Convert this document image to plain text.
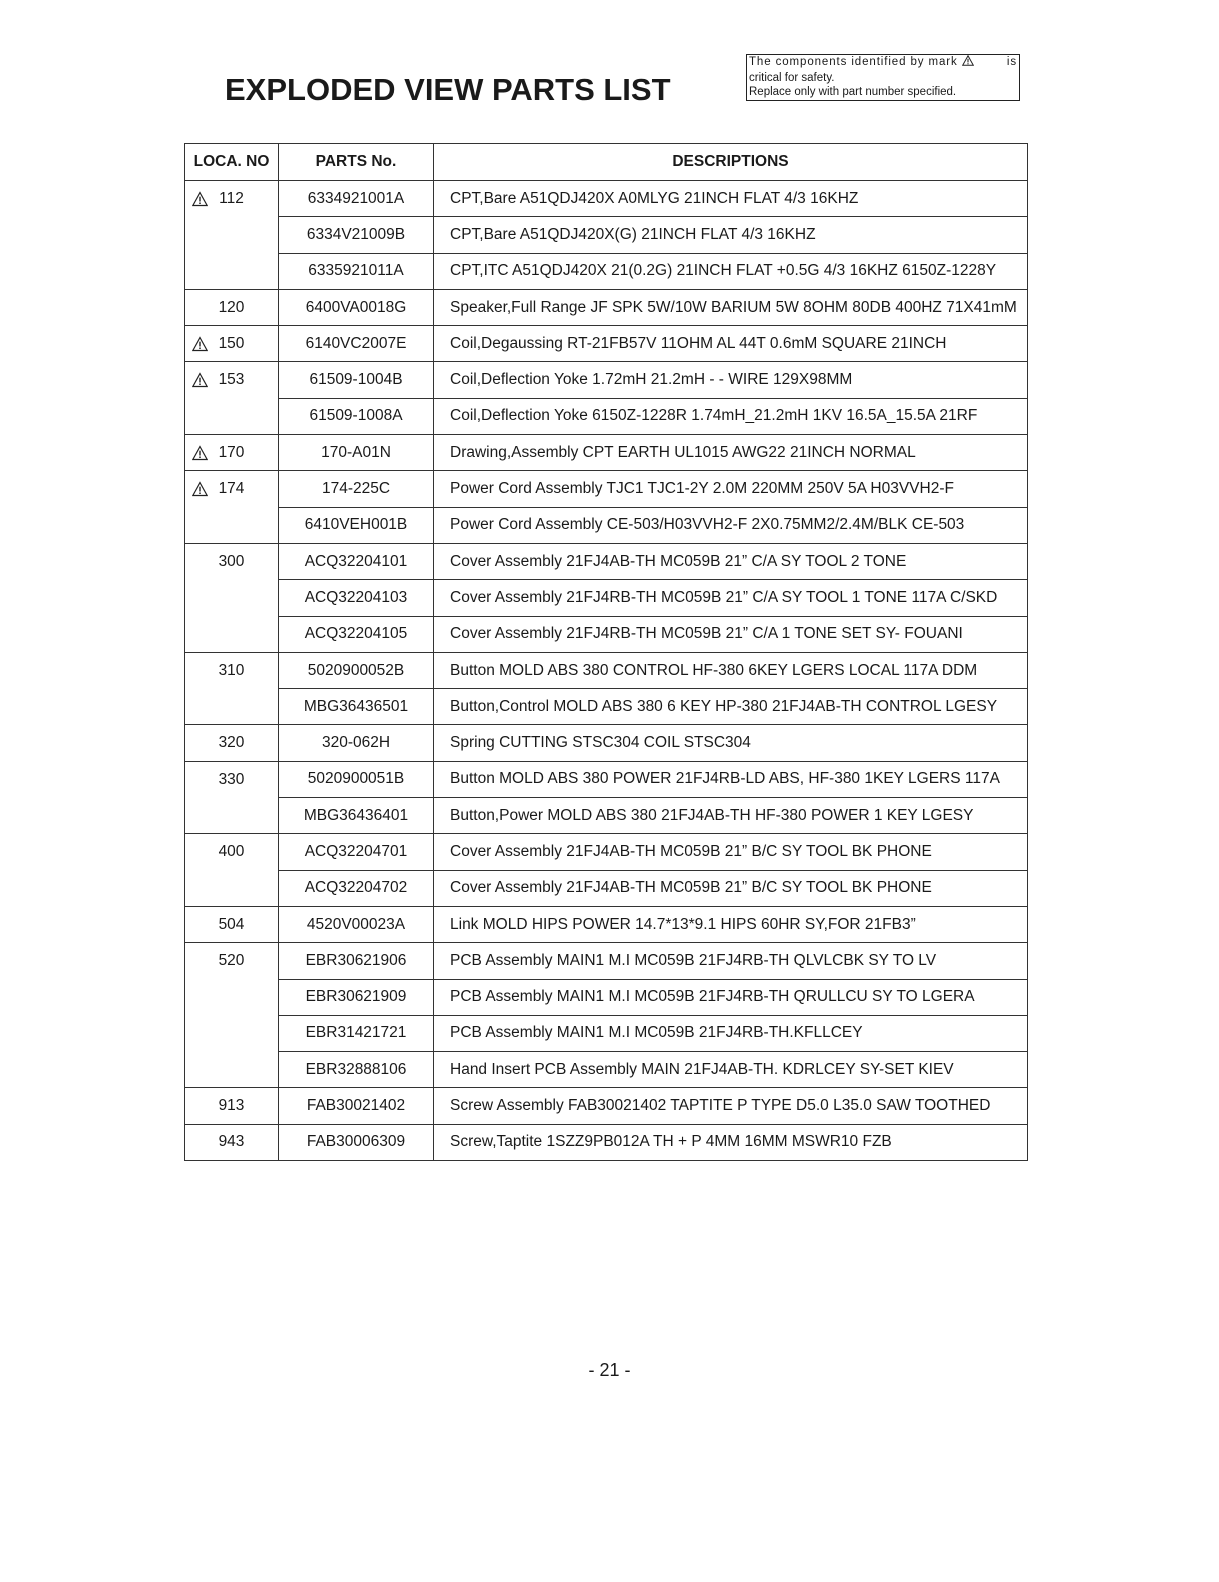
EXPLODED VIEW PARTS LIST
The components identified by mark	is
critical for safety.
Replace only with part number specified.
LOCA. NO	PARTS No.	DESCRIPTIONS

112	6334921001A	CPT,Bare A51QDJ420X A0MLYG 21INCH FLAT 4/3 16KHZ
	6334V21009B	CPT,Bare A51QDJ420X(G) 21INCH FLAT 4/3 16KHZ
	6335921011A	CPT,ITC A51QDJ420X 21(0.2G) 21INCH FLAT +0.5G 4/3 16KHZ 6150Z-1228Y
120	6400VA0018G	Speaker,Full Range JF SPK 5W/10W BARIUM 5W 8OHM 80DB 400HZ 71X41mM

150	6140VC2007E	Coil,Degaussing RT-21FB57V 11OHM AL 44T 0.6mM SQUARE 21INCH

153	61509-1004B	Coil,Deflection Yoke 1.72mH 21.2mH - - WIRE 129X98MM
	61509-1008A	Coil,Deflection Yoke 6150Z-1228R 1.74mH_21.2mH 1KV 16.5A_15.5A 21RF

170	170-A01N	Drawing,Assembly CPT EARTH UL1015 AWG22 21INCH NORMAL

174	174-225C	Power Cord Assembly TJC1 TJC1-2Y 2.0M 220MM 250V 5A H03VVH2-F
	6410VEH001B	Power Cord Assembly CE-503/H03VVH2-F 2X0.75MM2/2.4M/BLK CE-503
300	ACQ32204101	Cover Assembly 21FJ4AB-TH MC059B 21” C/A SY TOOL 2 TONE
	ACQ32204103	Cover Assembly 21FJ4RB-TH MC059B 21” C/A SY TOOL 1 TONE 117A C/SKD
	ACQ32204105	Cover Assembly 21FJ4RB-TH MC059B 21” C/A 1 TONE SET SY- FOUANI
310	5020900052B	Button MOLD ABS 380 CONTROL HF-380 6KEY LGERS LOCAL 117A DDM
	MBG36436501	Button,Control MOLD ABS 380 6 KEY HP-380 21FJ4AB-TH CONTROL LGESY
320	320-062H	Spring CUTTING STSC304 COIL STSC304
330	5020900051B	Button MOLD ABS 380 POWER 21FJ4RB-LD ABS, HF-380 1KEY LGERS 117A
	MBG36436401	Button,Power MOLD ABS 380 21FJ4AB-TH HF-380 POWER 1 KEY LGESY
400	ACQ32204701	Cover Assembly 21FJ4AB-TH MC059B 21” B/C SY TOOL BK PHONE
	ACQ32204702	Cover Assembly 21FJ4AB-TH MC059B 21” B/C SY TOOL BK PHONE
504	4520V00023A	Link MOLD HIPS POWER 14.7*13*9.1 HIPS 60HR SY,FOR 21FB3”
520	EBR30621906	PCB Assembly MAIN1 M.I MC059B 21FJ4RB-TH QLVLCBK SY TO LV
	EBR30621909	PCB Assembly MAIN1 M.I MC059B 21FJ4RB-TH QRULLCU SY TO LGERA
	EBR31421721	PCB Assembly MAIN1 M.I MC059B 21FJ4RB-TH.KFLLCEY
	EBR32888106	Hand Insert PCB Assembly MAIN 21FJ4AB-TH. KDRLCEY SY-SET KIEV
913	FAB30021402	Screw Assembly FAB30021402 TAPTITE P TYPE D5.0 L35.0 SAW TOOTHED
943	FAB30006309	Screw,Taptite 1SZZ9PB012A TH + P 4MM 16MM MSWR10 FZB
- 21 -
